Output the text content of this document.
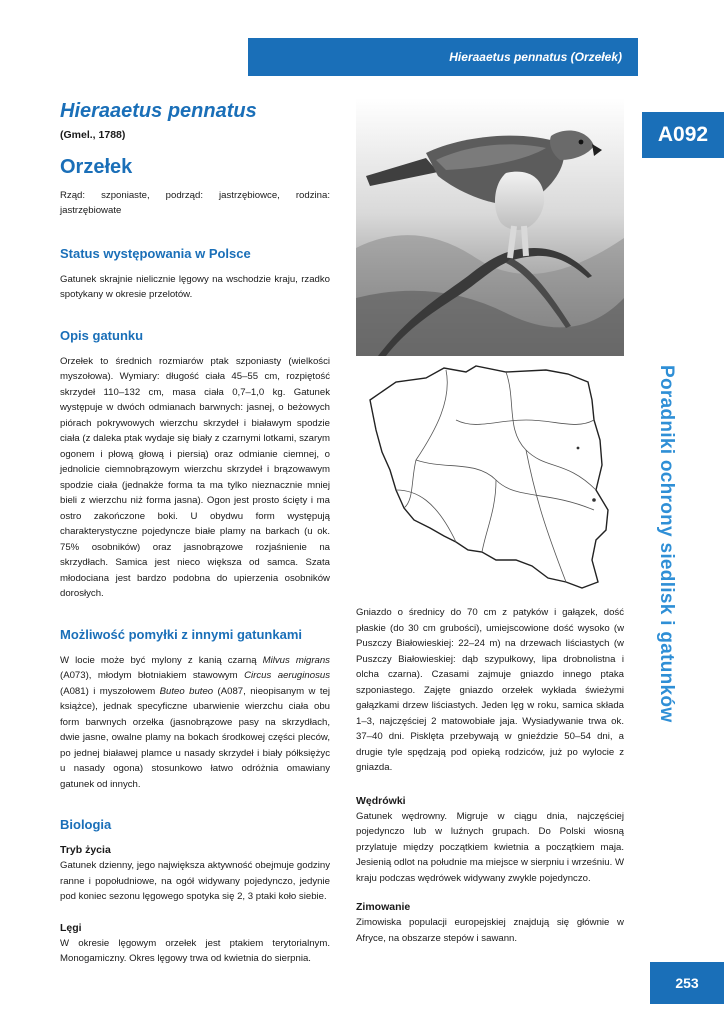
Hieraaetus pennatus (Orzełek)
A092
Poradniki ochrony siedlisk i gatunków
253
Hieraaetus pennatus
(Gmel., 1788)
Orzełek

Rząd: szponiaste, podrząd: jastrzębiowce, rodzina: jastrzębiowate

Status występowania w Polsce

Gatunek skrajnie nielicznie lęgowy na wschodzie kraju, rzadko spotykany w okresie przelotów.

Opis gatunku

Orzełek to średnich rozmiarów ptak szponiasty (wielkości myszołowa). Wymiary: długość ciała 45–55 cm, rozpiętość skrzydeł 110–132 cm, masa ciała 0,7–1,0 kg. Gatunek występuje w dwóch odmianach barwnych: jasnej, o beżowych piórach pokrywowych wierzchu skrzydeł i białawym spodzie ciała (z daleka ptak wydaje się biały z czarnymi lotkami, szarym ogonem i płową głową i piersią) oraz odmianie ciemnej, o jednolicie ciemnobrązowym wierzchu skrzydeł i brązowawym spodzie ciała (jednakże forma ta ma tylko nieznacznie mniej bieli z wierzchu niż forma jasna). Ogon jest prosto ścięty i ma ostro zakończone boki. U obydwu form występują charakterystyczne pojedyncze białe plamy na barkach (u ok. 75% osobników) oraz jasnobrązowe rozjaśnienie na skrzydłach. Samica jest nieco większa od samca. Szata młodociana jest bardzo podobna do upierzenia osobników dorosłych.

Możliwość pomyłki z innymi gatunkami

W locie może być mylony z kanią czarną Milvus migrans (A073), młodym błotniakiem stawowym Circus aeruginosus (A081) i myszołowem Buteo buteo (A087, nieopisanym w tej książce), jednak specyficzne ubarwienie wierzchu ciała obu form barwnych orzełka (jasnobrązowe pasy na skrzydłach, dwie jasne, owalne plamy na bokach środkowej części pleców, po jednej białawej plamce u nasady skrzydeł i biały półksiężyc u nasady ogona) stosunkowo łatwo odróżnia omawiany gatunek od innych.

Biologia
Tryb życia

Gatunek dzienny, jego największa aktywność obejmuje godziny ranne i popołudniowe, na ogół widywany pojedynczo, jedynie pod koniec sezonu lęgowego spotyka się 2, 3 ptaki koło siebie.

Lęgi

W okresie lęgowym orzełek jest ptakiem terytorialnym. Monogamiczny. Okres lęgowy trwa od kwietnia do sierpnia.

Gniazdo o średnicy do 70 cm z patyków i gałązek, dość płaskie (do 30 cm grubości), umiejscowione dość wysoko (w Puszczy Białowieskiej: 22–24 m) na drzewach liściastych (w Puszczy Białowieskiej: dąb szypułkowy, lipa drobnolistna i olcha czarna). Czasami zajmuje gniazdo innego ptaka szponiastego. Zajęte gniazdo orzełek wykłada świeżymi gałązkami drzew liściastych. Jeden lęg w roku, samica składa 1–3, najczęściej 2 matowobiałe jaja. Wysiadywanie trwa ok. 37–40 dni. Pisklęta przebywają w gnieździe 50–54 dni, a drugie tyle spędzają pod opieką rodziców, już po wylocie z gniazda.

Wędrówki

Gatunek wędrowny. Migruje w ciągu dnia, najczęściej pojedynczo lub w luźnych grupach. Do Polski wiosną przylatuje między początkiem kwietnia a początkiem maja. Jesienią odlot na południe ma miejsce w sierpniu i wrześniu. W kraju podczas wędrówek widywany zwykle pojedynczo.

Zimowanie

Zimowiska populacji europejskiej znajdują się głównie w Afryce, na obszarze stepów i sawann.
